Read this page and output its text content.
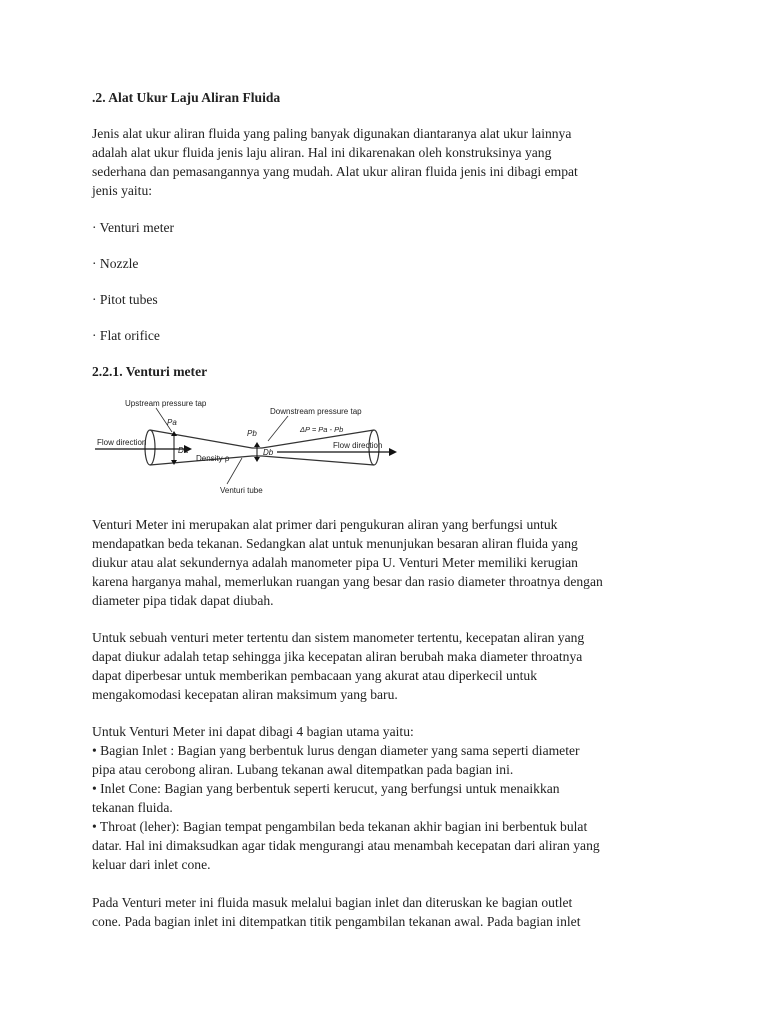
.2. Alat Ukur Laju Aliran Fluida

Jenis alat ukur aliran fluida yang paling banyak digunakan diantaranya alat ukur lainnya
adalah alat ukur fluida jenis laju aliran. Hal ini dikarenakan oleh konstruksinya yang
sederhana dan pemasangannya yang mudah. Alat ukur aliran fluida jenis ini dibagi empat
jenis yaitu:

· Venturi meter

· Nozzle

· Pitot tubes

· Flat orifice

2.2.1. Venturi meter

Upstream pressure tap
Downstream pressure tap
Flow direction	Flow direction
Pa
Pb
Da	Db
Density ρ
ΔP = Pa - Pb
Venturi tube

Venturi Meter ini merupakan alat primer dari pengukuran aliran yang berfungsi untuk
mendapatkan beda tekanan. Sedangkan alat untuk menunjukan besaran aliran fluida yang
diukur atau alat sekundernya adalah manometer pipa U. Venturi Meter memiliki kerugian
karena harganya mahal, memerlukan ruangan yang besar dan rasio diameter throatnya dengan
diameter pipa tidak dapat diubah.

Untuk sebuah venturi meter tertentu dan sistem manometer tertentu, kecepatan aliran yang
dapat diukur adalah tetap sehingga jika kecepatan aliran berubah maka diameter throatnya
dapat diperbesar untuk memberikan pembacaan yang akurat atau diperkecil untuk
mengakomodasi kecepatan aliran maksimum yang baru.

Untuk Venturi Meter ini dapat dibagi 4 bagian utama yaitu:
• Bagian Inlet : Bagian yang berbentuk lurus dengan diameter yang sama seperti diameter
pipa atau cerobong aliran. Lubang tekanan awal ditempatkan pada bagian ini.
• Inlet Cone: Bagian yang berbentuk seperti kerucut, yang berfungsi untuk menaikkan
tekanan fluida.
• Throat (leher): Bagian tempat pengambilan beda tekanan akhir bagian ini berbentuk bulat
datar. Hal ini dimaksudkan agar tidak mengurangi atau menambah kecepatan dari aliran yang
keluar dari inlet cone.

Pada Venturi meter ini fluida masuk melalui bagian inlet dan diteruskan ke bagian outlet
cone. Pada bagian inlet ini ditempatkan titik pengambilan tekanan awal. Pada bagian inlet
